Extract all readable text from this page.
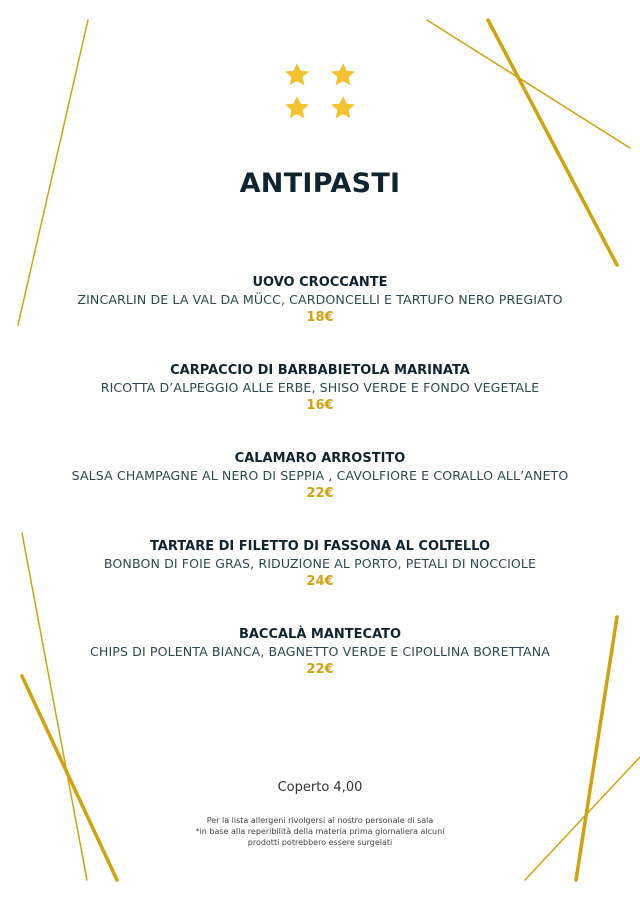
ANTIPASTI
UOVO CROCCANTE
ZINCARLIN DE LA VAL DA MÜCC, CARDONCELLI E TARTUFO NERO PREGIATO
18€
CARPACCIO DI BARBABIETOLA MARINATA
RICOTTA D’ALPEGGIO ALLE ERBE, SHISO VERDE E FONDO VEGETALE
16€
CALAMARO ARROSTITO
SALSA CHAMPAGNE AL NERO DI SEPPIA , CAVOLFIORE E CORALLO ALL’ANETO
22€
TARTARE DI FILETTO DI FASSONA AL COLTELLO
BONBON DI FOIE GRAS, RIDUZIONE AL PORTO, PETALI DI NOCCIOLE
24€
BACCALÀ MANTECATO
CHIPS DI POLENTA BIANCA, BAGNETTO VERDE E CIPOLLINA BORETTANA
22€
Coperto 4,00
Per la lista allergeni rivolgersi al nostro personale di sala
*in base alla reperibilità della materia prima giornaliera alcuni
prodotti potrebbero essere surgelati
